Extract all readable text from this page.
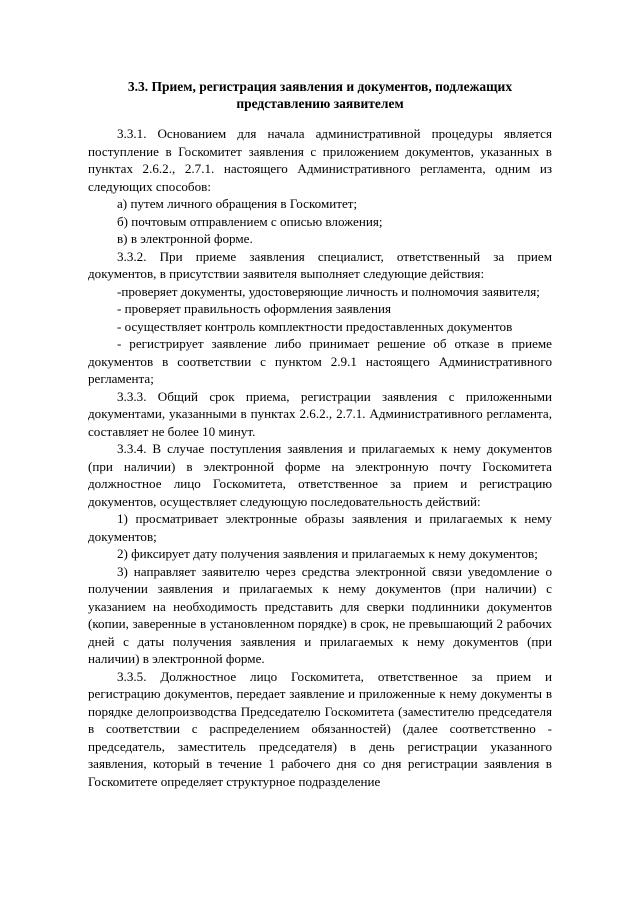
3.3. Прием, регистрация заявления и документов, подлежащих
представлению заявителем

3.3.1. Основанием для начала административной процедуры является поступление в Госкомитет заявления с приложением документов, указанных в пунктах 2.6.2., 2.7.1. настоящего Административного регламента, одним из следующих способов:

а) путем личного обращения в Госкомитет;

б) почтовым отправлением с описью вложения;

в) в электронной форме.

3.3.2. При приеме заявления специалист, ответственный за прием документов, в присутствии заявителя выполняет следующие действия:

-проверяет документы, удостоверяющие личность и полномочия заявителя;

- проверяет правильность оформления заявления

- осуществляет контроль комплектности предоставленных документов

- регистрирует заявление либо принимает решение об отказе в приеме документов в соответствии с пунктом 2.9.1 настоящего Административного регламента;

3.3.3. Общий срок приема, регистрации заявления с приложенными документами, указанными в пунктах 2.6.2., 2.7.1. Административного регламента, составляет не более 10 минут.

3.3.4. В случае поступления заявления и прилагаемых к нему документов (при наличии) в электронной форме на электронную почту Госкомитета должностное лицо Госкомитета, ответственное за прием и регистрацию документов, осуществляет следующую последовательность действий:

1) просматривает электронные образы заявления и прилагаемых к нему документов;

2) фиксирует дату получения заявления и прилагаемых к нему документов;

3) направляет заявителю через средства электронной связи уведомление о получении заявления и прилагаемых к нему документов (при наличии) с указанием на необходимость представить для сверки подлинники документов (копии, заверенные в установленном порядке) в срок, не превышающий 2 рабочих дней с даты получения заявления и прилагаемых к нему документов (при наличии) в электронной форме.

3.3.5. Должностное лицо Госкомитета, ответственное за прием и регистрацию документов, передает заявление и приложенные к нему документы в порядке делопроизводства Председателю Госкомитета (заместителю председателя в соответствии с распределением обязанностей) (далее соответственно - председатель, заместитель председателя) в день регистрации указанного заявления, который в течение 1 рабочего дня со дня регистрации заявления в Госкомитете определяет структурное подразделение
